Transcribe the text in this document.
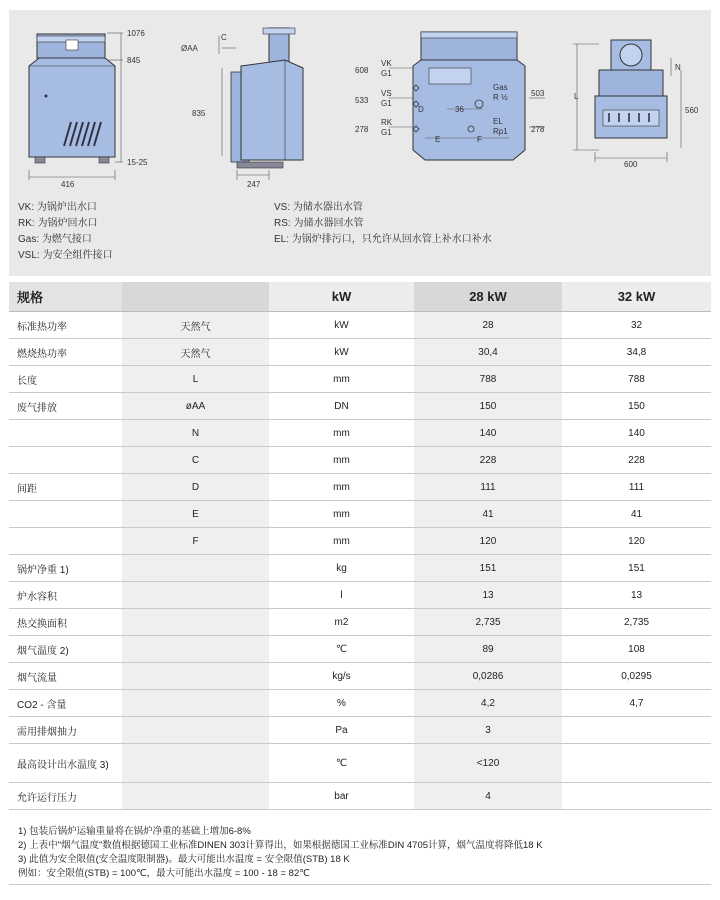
1076
845
15-25
416
ØAA
C
835
247
608
533
278
36
E	F
D
503
278
VK
G1
VS
G1
RK
G1
Gas
R ½
EL
Rp1
L
N
560
600
VK: 为锅炉出水口
RK: 为锅炉回水口
Gas: 为燃气接口
VSL: 为安全组件接口
VS: 为储水器出水管
RS: 为储水器回水管
EL: 为锅炉排污口，只允许从回水管上补水口补水
规格		kW	28 kW	32 kW
标准热功率	天然气	kW	28	32
燃烧热功率	天然气	kW	30,4	34,8
长度	L	mm	788	788
废气排放	øAA	DN	150	150
	N	mm	140	140
	C	mm	228	228
间距	D	mm	111	111
	E	mm	41	41
	F	mm	120	120
锅炉净重 1)		kg	151	151
炉水容积		l	13	13
热交换面积		m2	2,735	2,735
烟气温度 2)		℃	89	108
烟气流量		kg/s	0,0286	0,0295
CO2 - 含量		%	4,2	4,7
需用排烟抽力		Pa	3	
最高设计出水温度 3)		℃	<120	
允许运行压力		bar	4	
1) 包装后锅炉运输重量将在锅炉净重的基础上增加6-8%
2) 上表中"烟气温度"数值根据德国工业标准DINEN 303计算得出，如果根据德国工业标准DIN 4705计算，烟气温度将降低18 K
3) 此值为安全限值(安全温度限制器)。最大可能出水温度 = 安全限值(STB) 18 K
例如：安全限值(STB) = 100℃，最大可能出水温度 = 100 - 18 = 82℃
